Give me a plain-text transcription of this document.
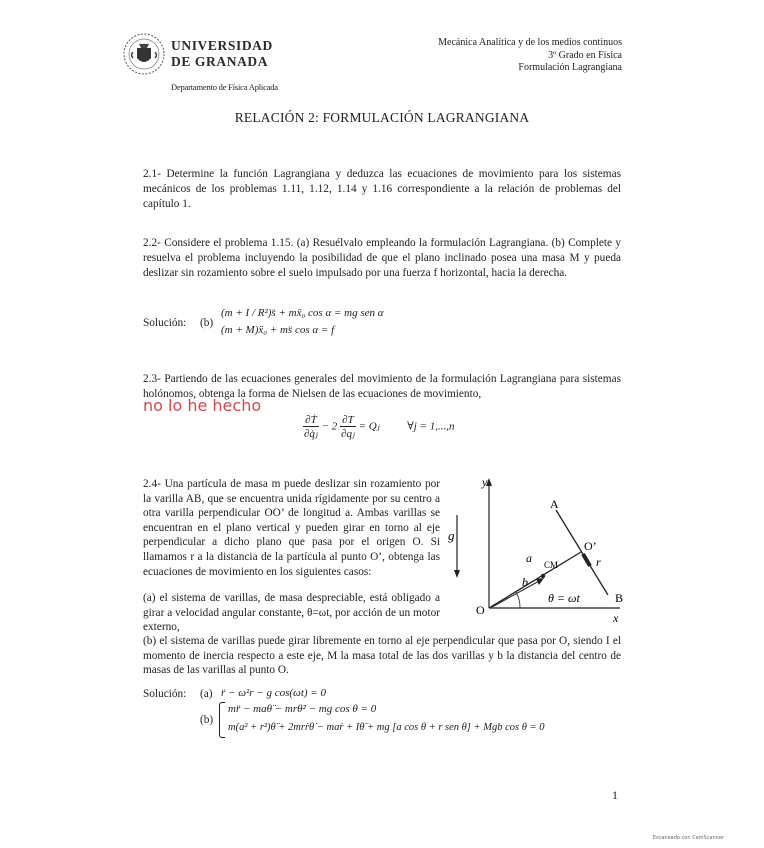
UNIVERSIDAD
DE GRANADA
Departamento de Física Aplicada
Mecánica Analítica y de los medios continuos
3º Grado en Física
Formulación Lagrangiana
RELACIÓN 2: FORMULACIÓN LAGRANGIANA
2.1- Determine la función Lagrangiana y deduzca las ecuaciones de movimiento para los sistemas mecánicos de los problemas 1.11, 1.12, 1.14 y 1.16 correspondiente a la relación de problemas del capítulo 1.
2.2- Considere el problema 1.15. (a) Resuélvalo empleando la formulación Lagrangiana. (b) Complete y resuelva el problema incluyendo la posibilidad de que el plano inclinado posea una masa M y pueda deslizar sin rozamiento sobre el suelo impulsado por una fuerza f horizontal, hacia la derecha.
Solución: (b)
(m + I / R²)s̈ + mẍ₀ cos α = mg sen α
(m + M)ẍ₀ + ms̈ cos α = f
2.3- Partiendo de las ecuaciones generales del movimiento de la formulación Lagrangiana para sistemas holónomos, obtenga la forma de Nielsen de las ecuaciones de movimiento,
no lo he hecho
$\frac{\text{∂Ṫ}}{\text{∂q̇ⱼ}} - 2 \frac{\partial T}{\text{∂qⱼ}}$ = Qⱼ	∀j = 1,...,n
2.4- Una partícula de masa m puede deslizar sin rozamiento por la varilla AB, que se encuentra unida rígidamente por su centro a otra varilla perpendicular OO’ de longitud a. Ambas varillas se encuentran en el plano vertical y pueden girar en torno al eje perpendicular a dicho plano que pasa por el origen O. Si llamamos r a la distancia de la partícula al punto O’, obtenga las ecuaciones de movimiento en los siguientes casos:
(a) el sistema de varillas, de masa despreciable, está obligado a girar a velocidad angular constante, θ=ωt, por acción de un motor externo,
(b) el sistema de varillas puede girar libremente en torno al eje perpendicular que pasa por O, siendo I el momento de inercia respecto a este eje, M la masa total de las dos varillas y b la distancia del centro de masas de las varillas al punto O.
y
x
g
A
B
O
O’
a
b
r
CM
θ = ωt
Solución: (a) r̈ − ω²r − g cos(ωt) = 0
(b)
mr̈ − maθ̈ − mrθ̇² − mg cos θ = 0
m(a² + r²)θ̈ + 2mrṙθ̇ − maṙ + Iθ̈ + mg [a cos θ + r sen θ] + Mgb cos θ = 0
1
Escaneado con CamScanner
